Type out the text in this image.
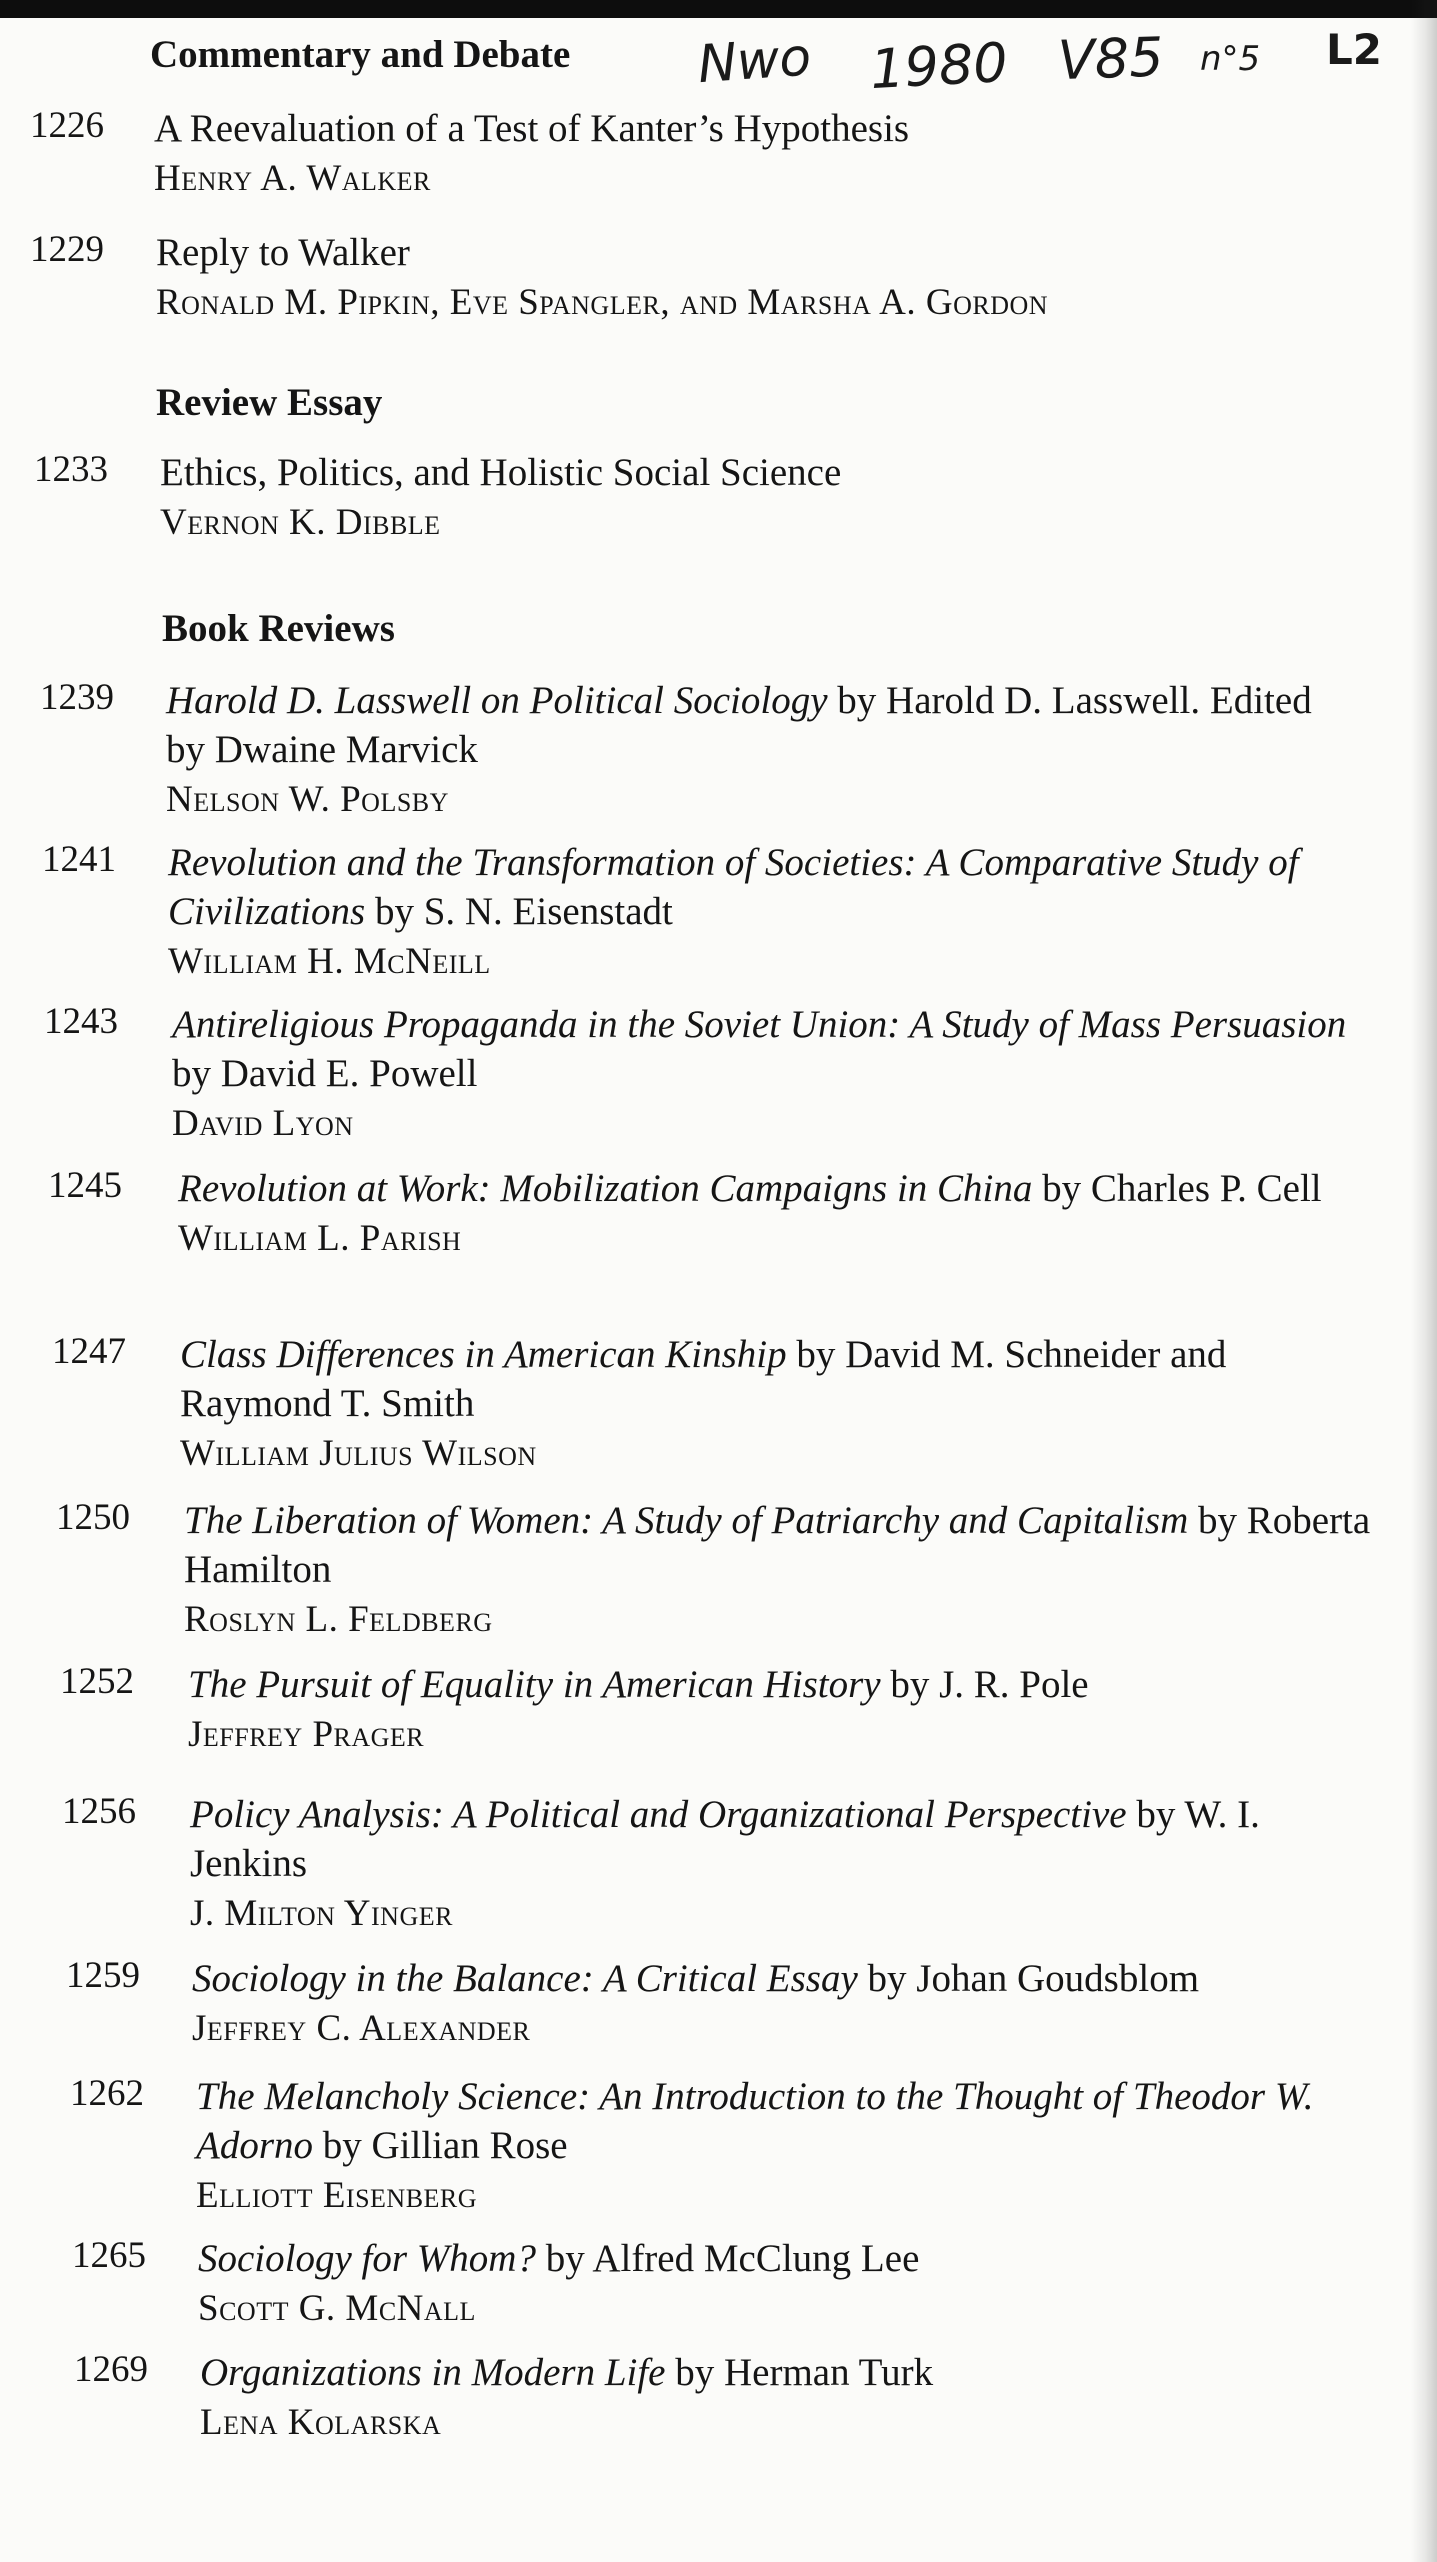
Nwo 1980 V85 n°5 L2
Commentary and Debate
1226 A Reevaluation of a Test of Kanter’s Hypothesis
Henry A. Walker
1229 Reply to Walker
Ronald M. Pipkin, Eve Spangler, and Marsha A. Gordon
Review Essay
1233 Ethics, Politics, and Holistic Social Science
Vernon K. Dibble
Book Reviews
1239 Harold D. Lasswell on Political Sociology by Harold D. Lasswell. Edited by Dwaine Marvick
Nelson W. Polsby
1241 Revolution and the Transformation of Societies: A Comparative Study of Civilizations by S. N. Eisenstadt
William H. McNeill
1243 Antireligious Propaganda in the Soviet Union: A Study of Mass Persuasion by David E. Powell
David Lyon
1245 Revolution at Work: Mobilization Campaigns in China by Charles P. Cell
William L. Parish
1247 Class Differences in American Kinship by David M. Schneider and Raymond T. Smith
William Julius Wilson
1250 The Liberation of Women: A Study of Patriarchy and Capitalism by Roberta Hamilton
Roslyn L. Feldberg
1252 The Pursuit of Equality in American History by J. R. Pole
Jeffrey Prager
1256 Policy Analysis: A Political and Organizational Perspective by W. I. Jenkins
J. Milton Yinger
1259 Sociology in the Balance: A Critical Essay by Johan Goudsblom
Jeffrey C. Alexander
1262 The Melancholy Science: An Introduction to the Thought of Theodor W. Adorno by Gillian Rose
Elliott Eisenberg
1265 Sociology for Whom? by Alfred McClung Lee
Scott G. McNall
1269 Organizations in Modern Life by Herman Turk
Lena Kolarska
